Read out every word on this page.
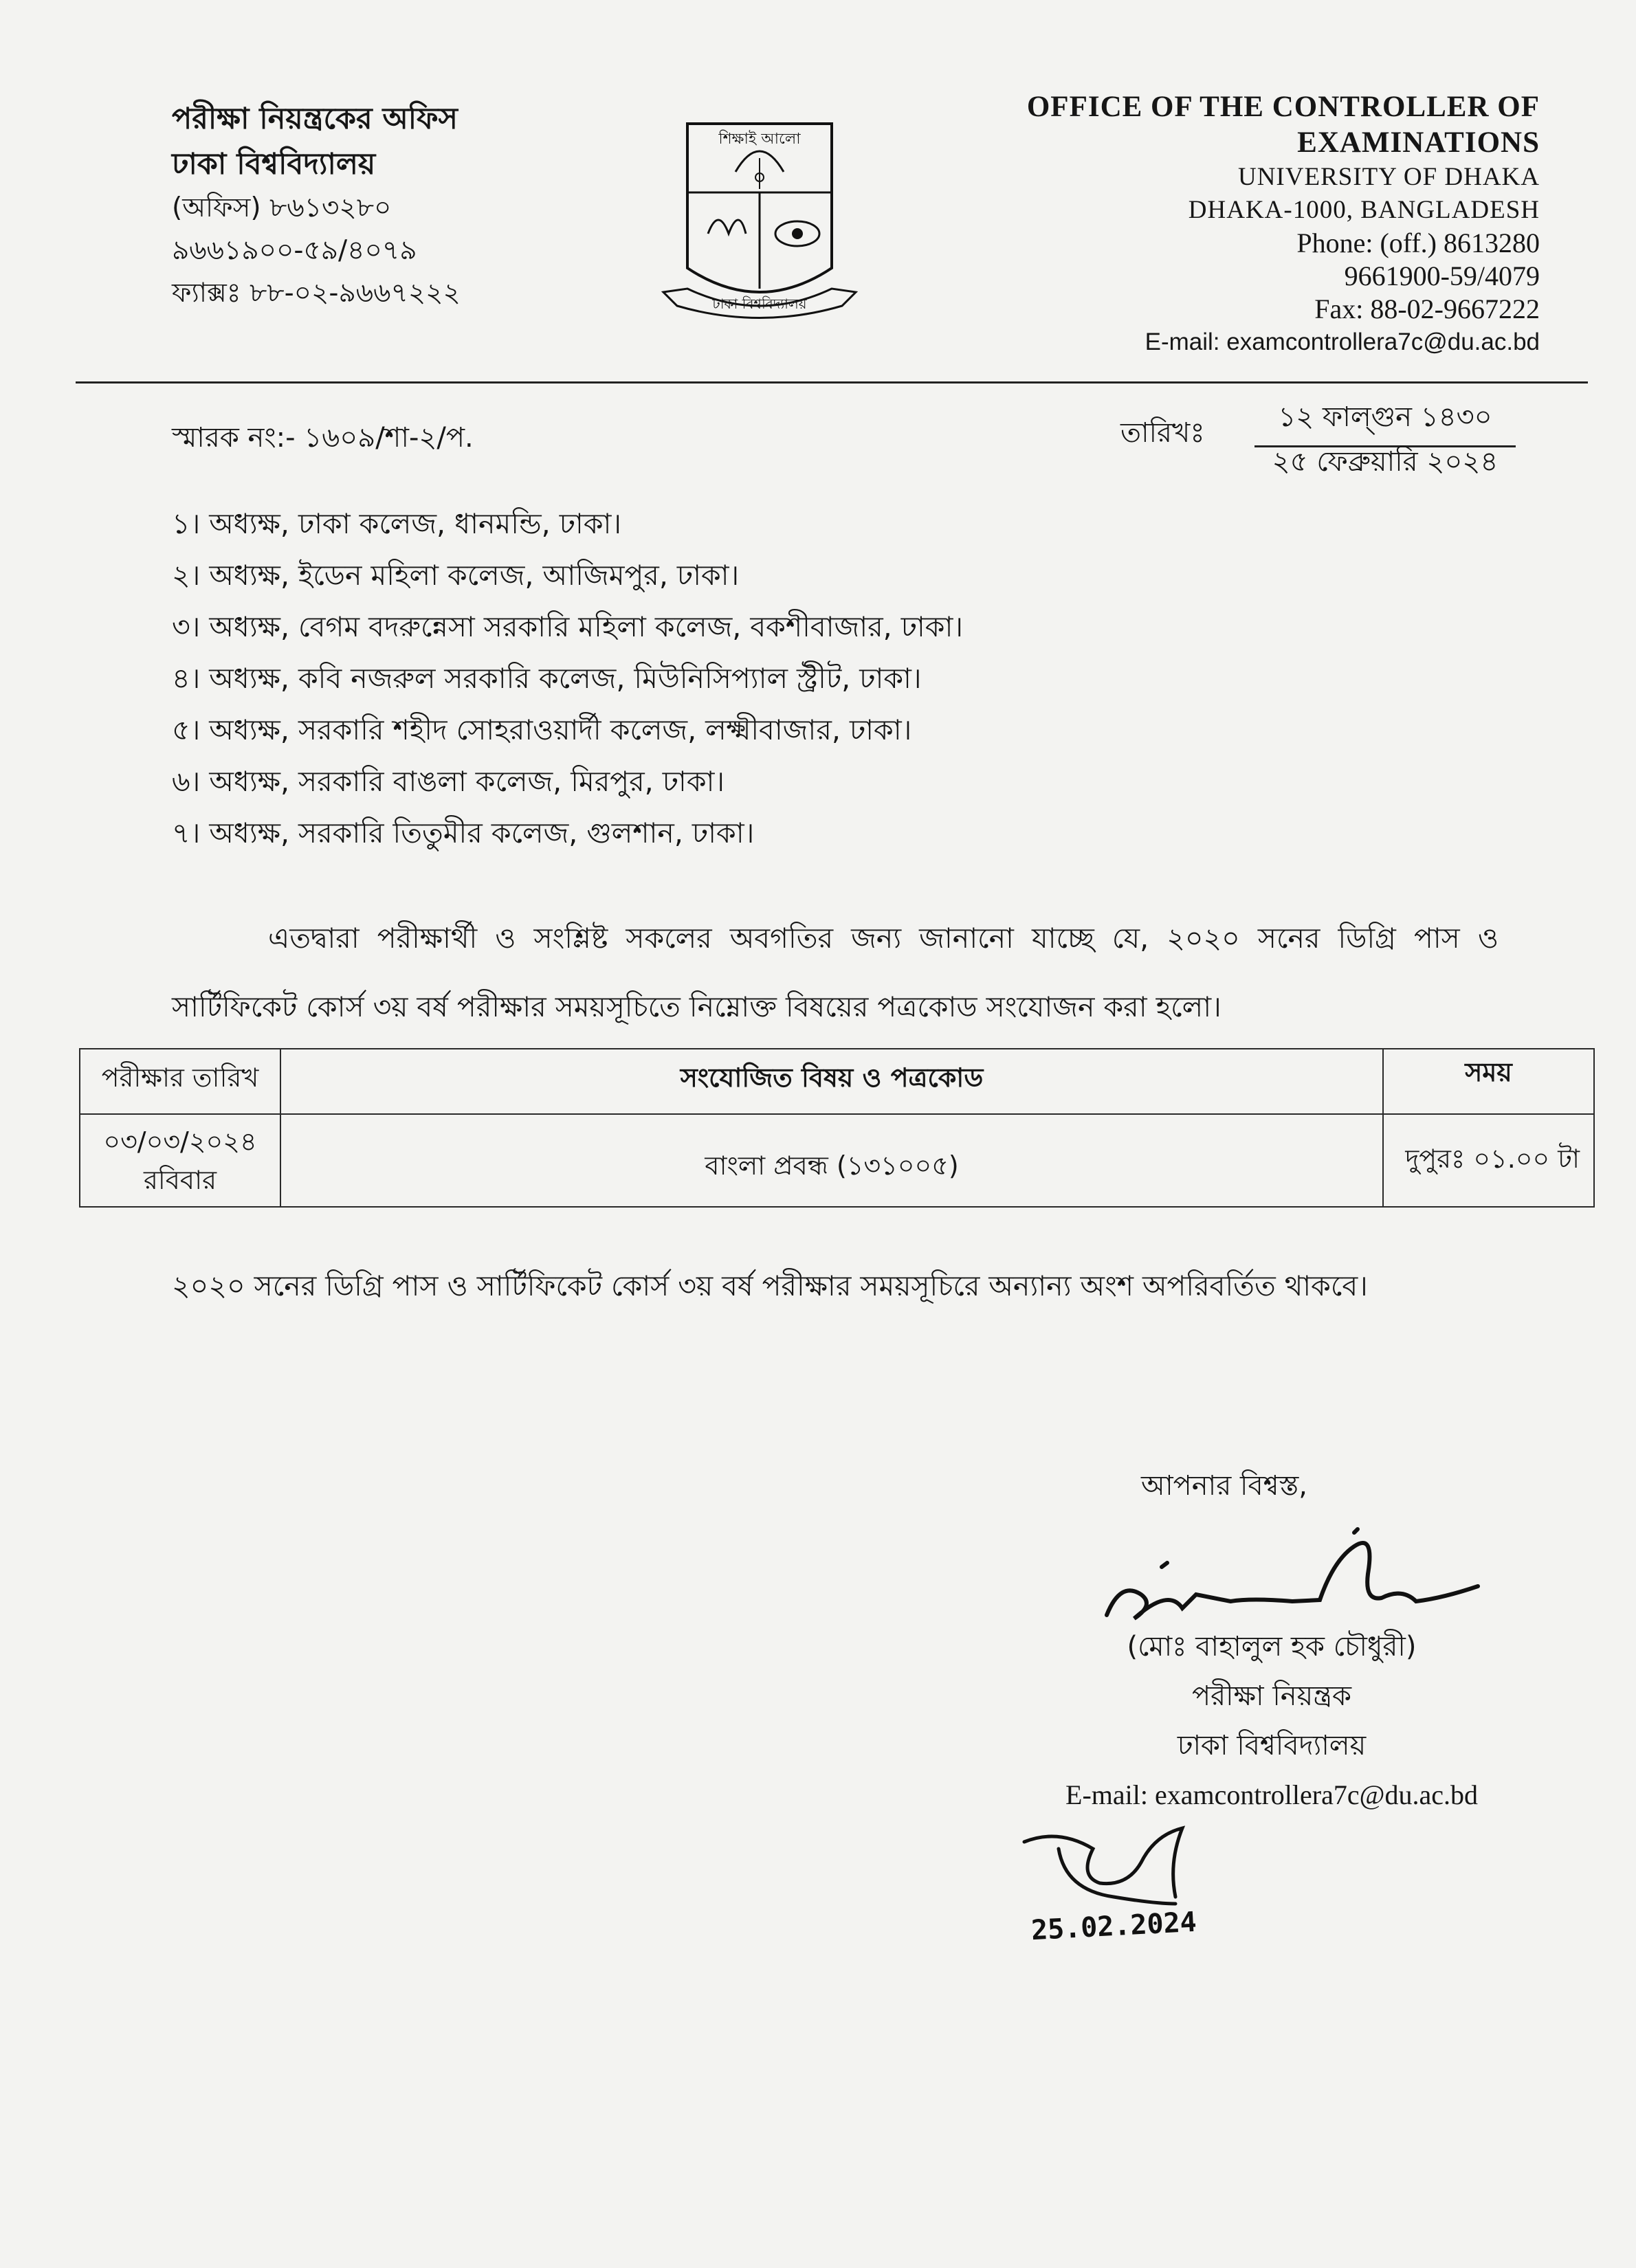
পরীক্ষা নিয়ন্ত্রকের অফিস
ঢাকা বিশ্ববিদ্যালয়
(অফিস) ৮৬১৩২৮০
৯৬৬১৯০০-৫৯/৪০৭৯
ফ্যাক্সঃ ৮৮-০২-৯৬৬৭২২২
শিক্ষাই আলো
ঢাকা বিশ্ববিদ্যালয়
OFFICE OF THE CONTROLLER OF
EXAMINATIONS
UNIVERSITY OF DHAKA
DHAKA-1000, BANGLADESH
Phone: (off.) 8613280
9661900-59/4079
Fax: 88-02-9667222
E-mail: examcontrollera7c@du.ac.bd
স্মারক নং:- ১৬০৯/শা-২/প.	তারিখঃ	১২ ফাল্গুন ১৪৩০
২৫ ফেব্রুয়ারি ২০২৪
১। অধ্যক্ষ, ঢাকা কলেজ, ধানমন্ডি, ঢাকা।
২। অধ্যক্ষ, ইডেন মহিলা কলেজ, আজিমপুর, ঢাকা।
৩। অধ্যক্ষ, বেগম বদরুন্নেসা সরকারি মহিলা কলেজ, বকশীবাজার, ঢাকা।
৪। অধ্যক্ষ, কবি নজরুল সরকারি কলেজ, মিউনিসিপ্যাল স্ট্রীট, ঢাকা।
৫। অধ্যক্ষ, সরকারি শহীদ সোহরাওয়ার্দী কলেজ, লক্ষ্মীবাজার, ঢাকা।
৬। অধ্যক্ষ, সরকারি বাঙলা কলেজ, মিরপুর, ঢাকা।
৭। অধ্যক্ষ, সরকারি তিতুমীর কলেজ, গুলশান, ঢাকা।
এতদ্বারা পরীক্ষার্থী ও সংশ্লিষ্ট সকলের অবগতির জন্য জানানো যাচ্ছে যে, ২০২০ সনের ডিগ্রি পাস ও সার্টিফিকেট কোর্স ৩য় বর্ষ পরীক্ষার সময়সূচিতে নিম্নোক্ত বিষয়ের পত্রকোড সংযোজন করা হলো।
পরীক্ষার তারিখ	সংযোজিত বিষয় ও পত্রকোড	সময়

০৩/০৩/২০২৪
রবিবার	বাংলা প্রবন্ধ (১৩১০০৫)	দুপুরঃ ০১.০০ টা
২০২০ সনের ডিগ্রি পাস ও সার্টিফিকেট কোর্স ৩য় বর্ষ পরীক্ষার সময়সূচিরে অন্যান্য অংশ অপরিবর্তিত থাকবে।
আপনার বিশ্বস্ত,
(মোঃ বাহালুল হক চৌধুরী)
পরীক্ষা নিয়ন্ত্রক
ঢাকা বিশ্ববিদ্যালয়
E-mail: examcontrollera7c@du.ac.bd
25.02.2024
